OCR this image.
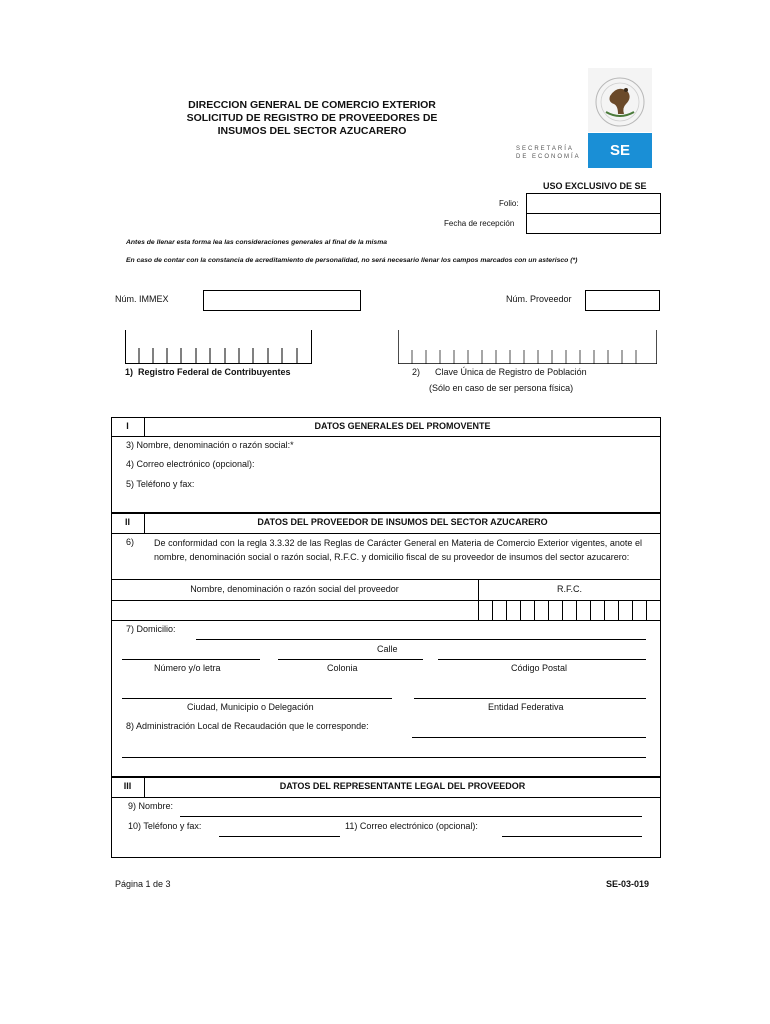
DIRECCION GENERAL DE COMERCIO EXTERIOR
SOLICITUD DE REGISTRO DE PROVEEDORES DE
INSUMOS DEL SECTOR AZUCARERO
SECRETARÍA
DE ECONOMÍA SE
USO EXCLUSIVO DE SE
Folio:
Fecha de recepción
Antes de llenar esta forma lea las consideraciones generales al final de la misma
En caso de contar con la constancia de acreditamiento de personalidad, no será necesario llenar los campos marcados con un asterisco (*)
Núm. IMMEX	Núm. Proveedor
1) Registro Federal de Contribuyentes	2) Clave Única de Registro de Población
(Sólo en caso de ser persona física)
I	DATOS GENERALES DEL PROMOVENTE
3) Nombre, denominación o razón social:*
4) Correo electrónico (opcional):
5) Teléfono y fax:
II	DATOS DEL PROVEEDOR DE INSUMOS DEL SECTOR AZUCARERO
6) De conformidad con la regla 3.3.32 de las Reglas de Carácter General en Materia de Comercio Exterior vigentes, anote el nombre, denominación social o razón social, R.F.C. y domicilio fiscal de su proveedor de insumos del sector azucarero:
Nombre, denominación o razón social del proveedor	R.F.C.
7) Domicilio:
Calle
Número y/o letra	Colonia	Código Postal
Ciudad, Municipio o Delegación	Entidad Federativa
8) Administración Local de Recaudación que le corresponde:
III	DATOS DEL REPRESENTANTE LEGAL DEL PROVEEDOR
9) Nombre:
10) Teléfono y fax:	11) Correo electrónico (opcional):
Página 1 de 3	SE-03-019
